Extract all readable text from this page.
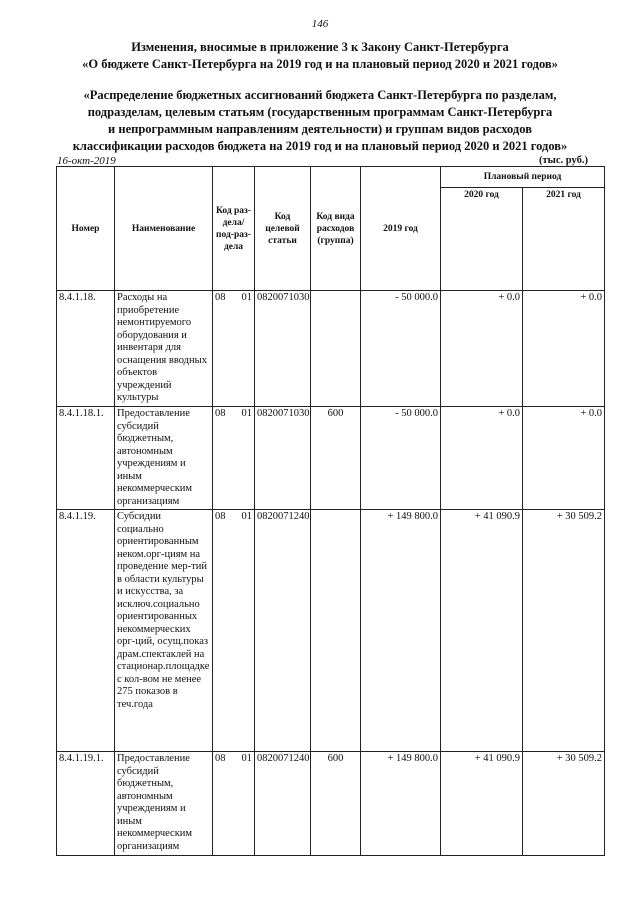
146
Изменения, вносимые в приложение 3 к Закону Санкт-Петербурга
«О бюджете Санкт-Петербурга на 2019 год и на плановый период 2020 и 2021 годов»
«Распределение бюджетных ассигнований бюджета Санкт-Петербурга по разделам,
подразделам, целевым статьям (государственным программам Санкт-Петербурга
и непрограммным направлениям деятельности) и группам видов расходов
классификации расходов бюджета на 2019 год и на плановый период 2020 и 2021 годов»
16-окт-2019	(тыс. руб.)
Номер	Наименование	Код раз-дела/ под-раз-дела	Код целевой статьи	Код вида расходов (группа)	2019 год	Плановый период	
						2020 год	2021 год
8.4.1.18.	Расходы на приобретение немонтируемого оборудования и инвентаря для оснащения вводных объектов учреждений культуры	08 01	0820071030		- 50 000.0	+ 0.0	+ 0.0
8.4.1.18.1.	Предоставление субсидий бюджетным, автономным учреждениям и иным некоммерческим организациям	08 01	0820071030	600	- 50 000.0	+ 0.0	+ 0.0
8.4.1.19.	Субсидии социально ориентированным неком.орг-циям на проведение мер-тий в области культуры и искусства, за исключ.социально ориентированных некоммерческих орг-ций, осущ.показ драм.спектаклей на стационар.площадке с кол-вом не менее 275 показов в теч.года	08 01	0820071240		+ 149 800.0	+ 41 090.9	+ 30 509.2
8.4.1.19.1.	Предоставление субсидий бюджетным, автономным учреждениям и иным некоммерческим организациям	08 01	0820071240	600	+ 149 800.0	+ 41 090.9	+ 30 509.2
